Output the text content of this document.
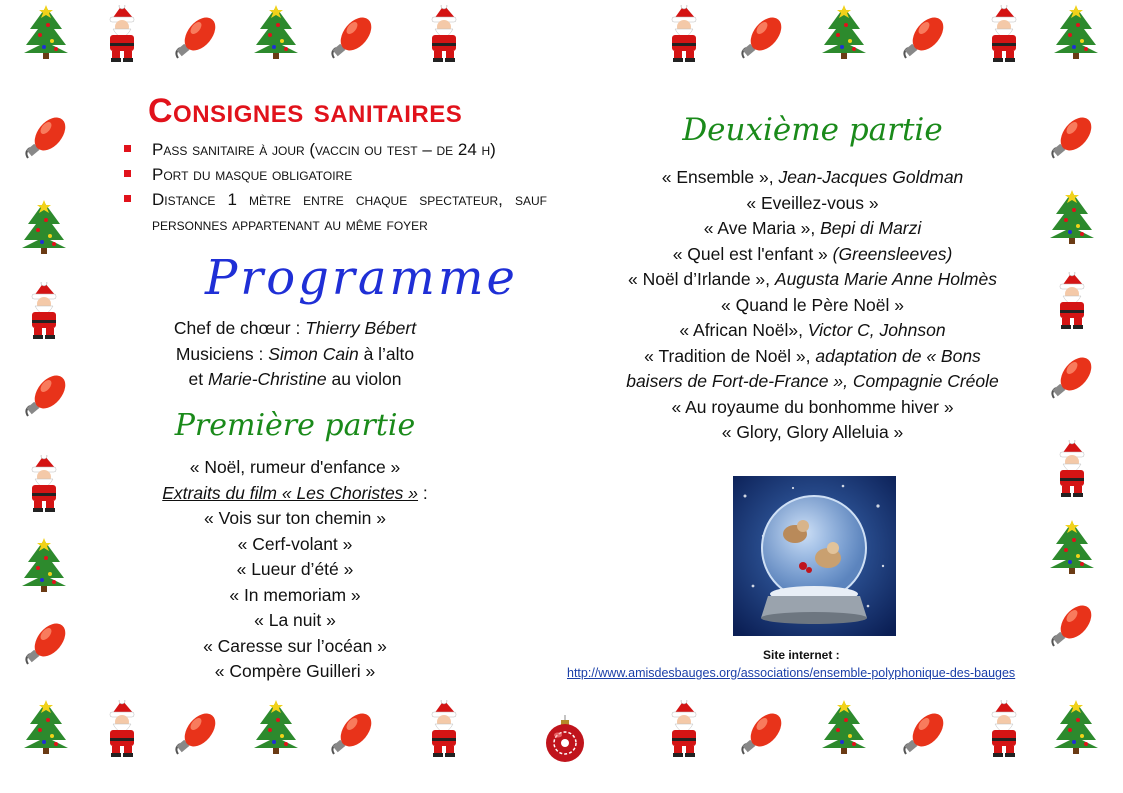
Consignes sanitaires
Pass sanitaire à jour (vaccin ou test – de 24 h)
Port du masque obligatoire
Distance 1 mètre entre chaque spectateur, sauf personnes appartenant au même foyer
Programme
Chef de chœur : Thierry Bébert
Musiciens : Simon Cain à l’alto
et Marie-Christine au violon
Première partie
« Noël, rumeur d'enfance »
Extraits du film « Les Choristes » :
« Vois sur ton chemin »
« Cerf-volant »
« Lueur d’été »
« In memoriam »
« La nuit »
« Caresse sur l’océan »
« Compère Guilleri »
Deuxième partie
« Ensemble », Jean-Jacques Goldman
« Eveillez-vous »
« Ave Maria », Bepi di Marzi
« Quel est l'enfant » (Greensleeves)
« Noël d’Irlande », Augusta Marie Anne Holmès
« Quand le Père Noël »
« African Noël», Victor C, Johnson
« Tradition de Noël », adaptation de « Bons
baisers de Fort-de-France », Compagnie Créole
« Au royaume du bonhomme hiver »
« Glory, Glory Alleluia »
Site internet :
http://www.amisdesbauges.org/associations/ensemble-polyphonique-des-bauges
